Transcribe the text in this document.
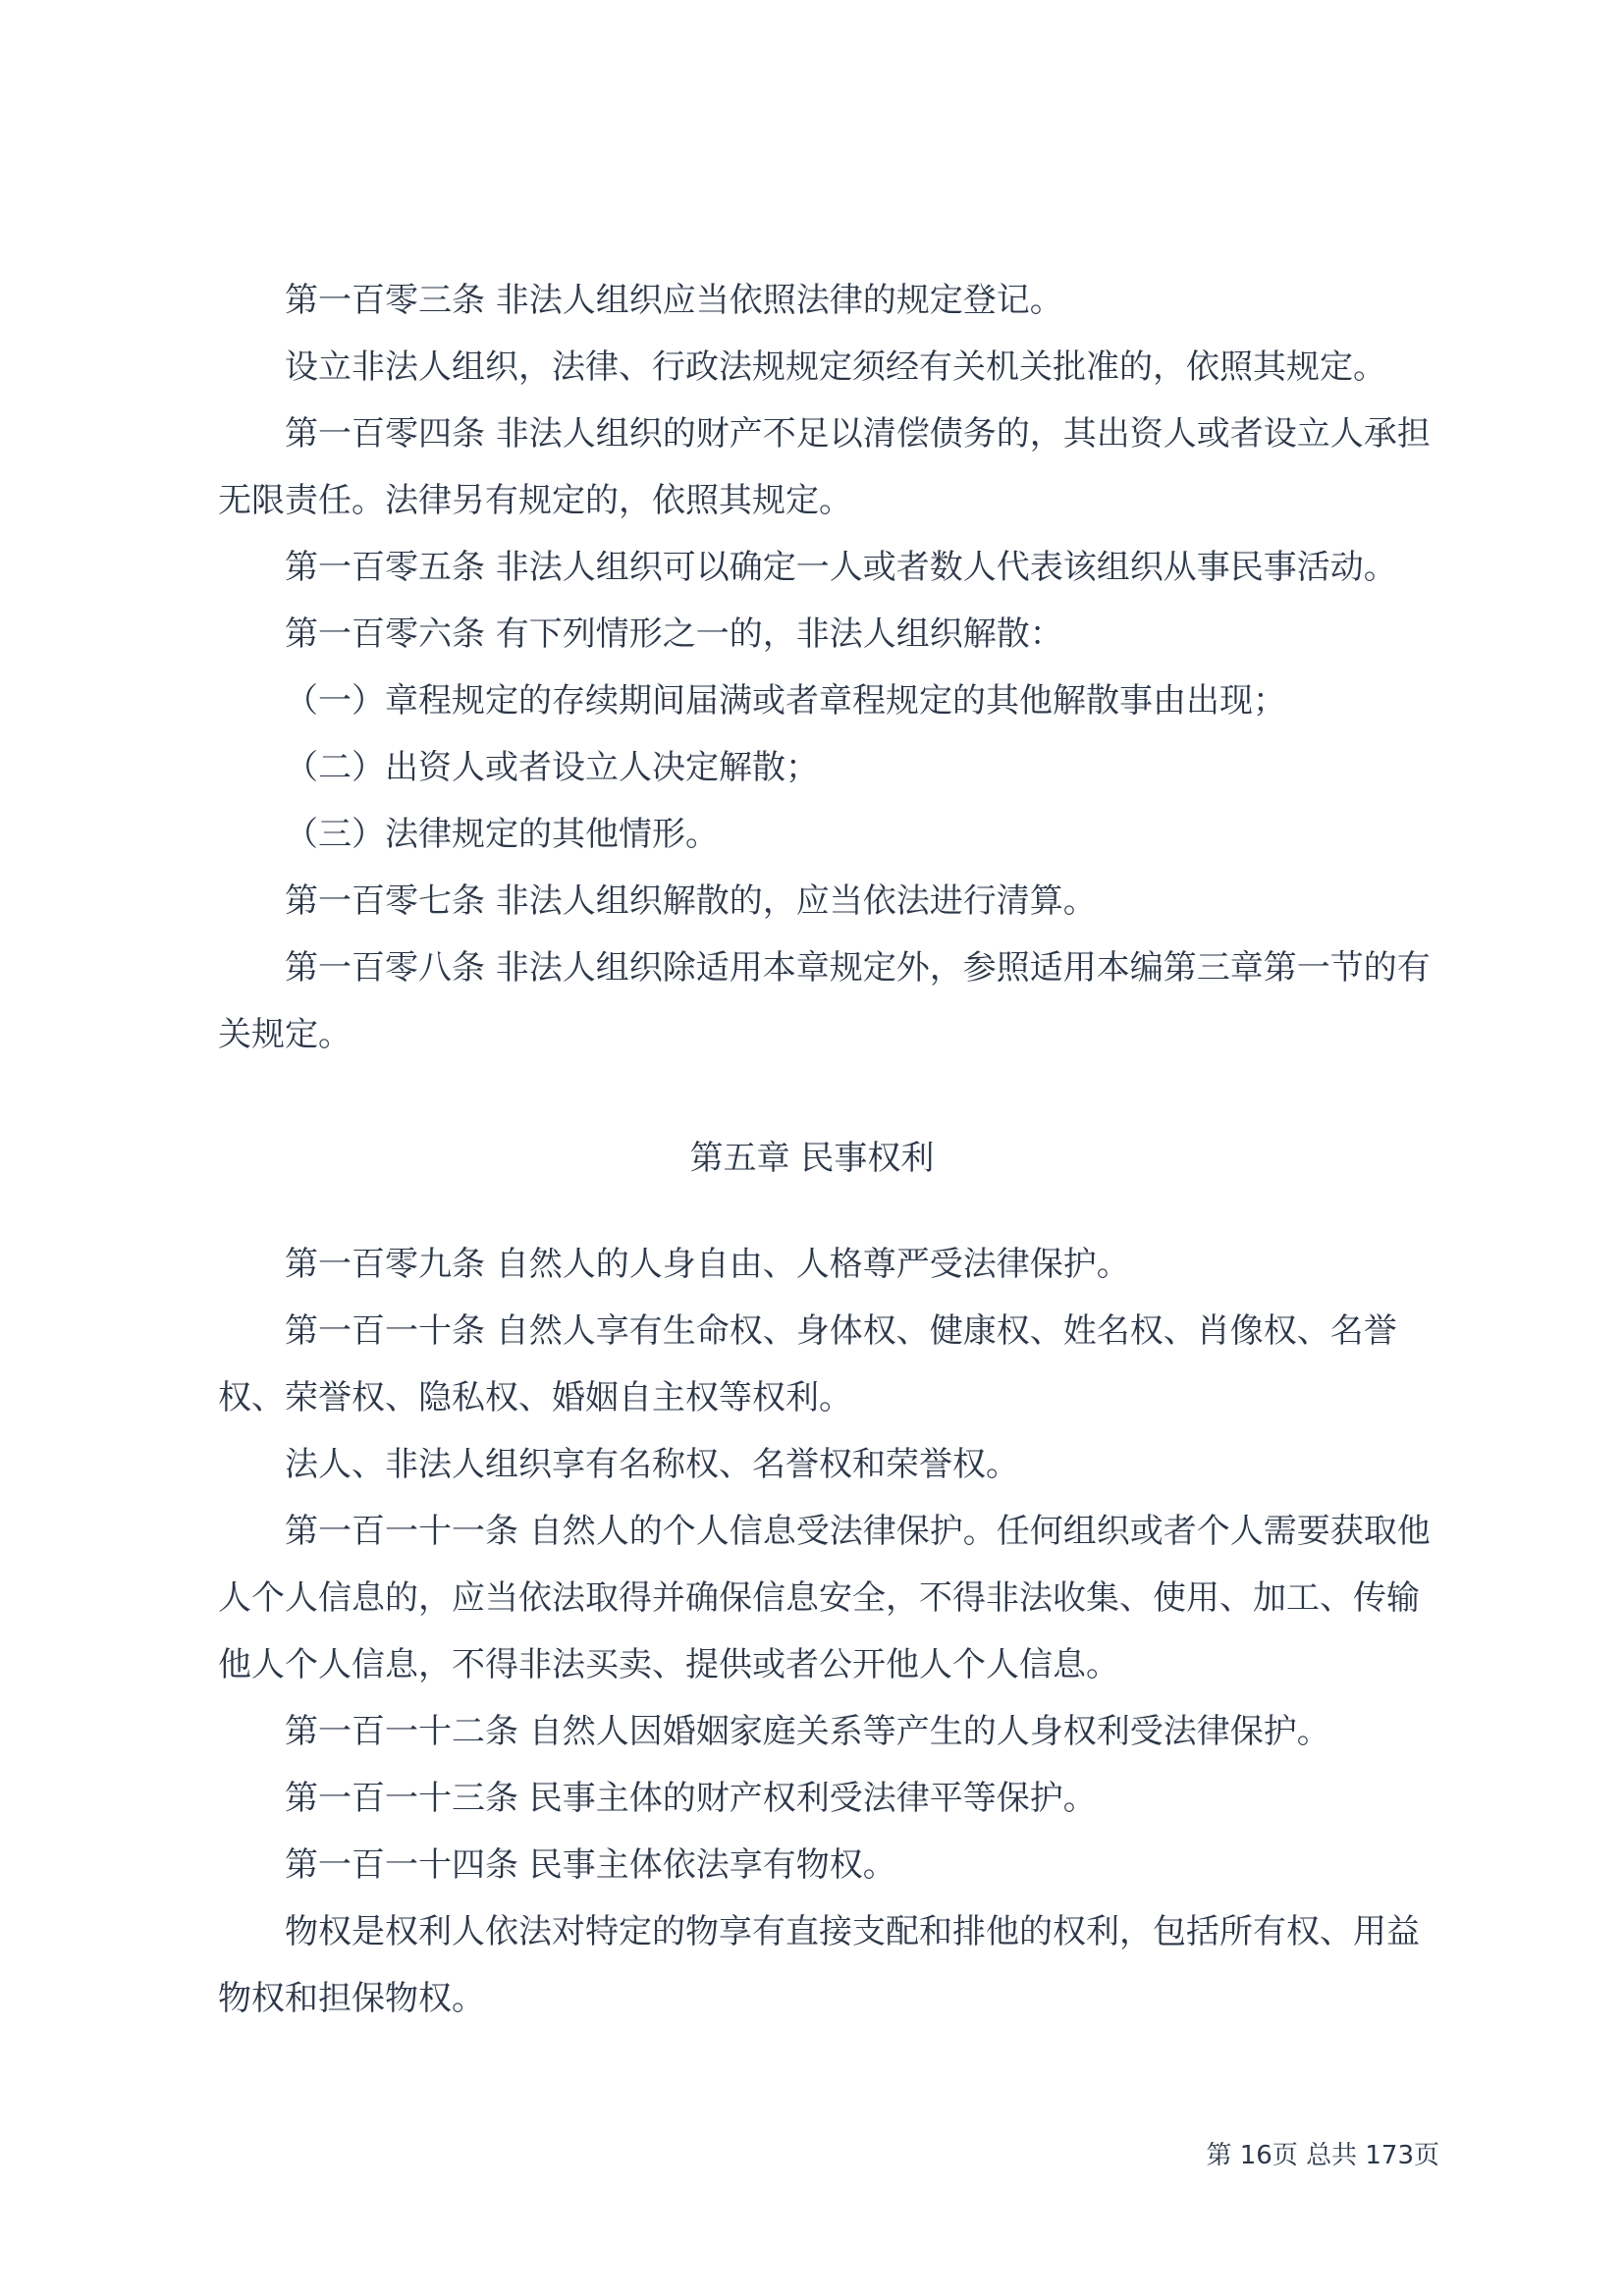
第一百零三条 非法人组织应当依照法律的规定登记。
设立非法人组织，法律、行政法规规定须经有关机关批准的，依照其规定。
第一百零四条 非法人组织的财产不足以清偿债务的，其出资人或者设立人承担
无限责任。法律另有规定的，依照其规定。
第一百零五条 非法人组织可以确定一人或者数人代表该组织从事民事活动。
第一百零六条 有下列情形之一的，非法人组织解散：
（一）章程规定的存续期间届满或者章程规定的其他解散事由出现；
（二）出资人或者设立人决定解散；
（三）法律规定的其他情形。
第一百零七条 非法人组织解散的，应当依法进行清算。
第一百零八条 非法人组织除适用本章规定外，参照适用本编第三章第一节的有
关规定。
第五章 民事权利
第一百零九条 自然人的人身自由、人格尊严受法律保护。
第一百一十条 自然人享有生命权、身体权、健康权、姓名权、肖像权、名誉
权、荣誉权、隐私权、婚姻自主权等权利。
法人、非法人组织享有名称权、名誉权和荣誉权。
第一百一十一条 自然人的个人信息受法律保护。任何组织或者个人需要获取他
人个人信息的，应当依法取得并确保信息安全，不得非法收集、使用、加工、传输
他人个人信息，不得非法买卖、提供或者公开他人个人信息。
第一百一十二条 自然人因婚姻家庭关系等产生的人身权利受法律保护。
第一百一十三条 民事主体的财产权利受法律平等保护。
第一百一十四条 民事主体依法享有物权。
物权是权利人依法对特定的物享有直接支配和排他的权利，包括所有权、用益
物权和担保物权。
第 16页 总共 173页
